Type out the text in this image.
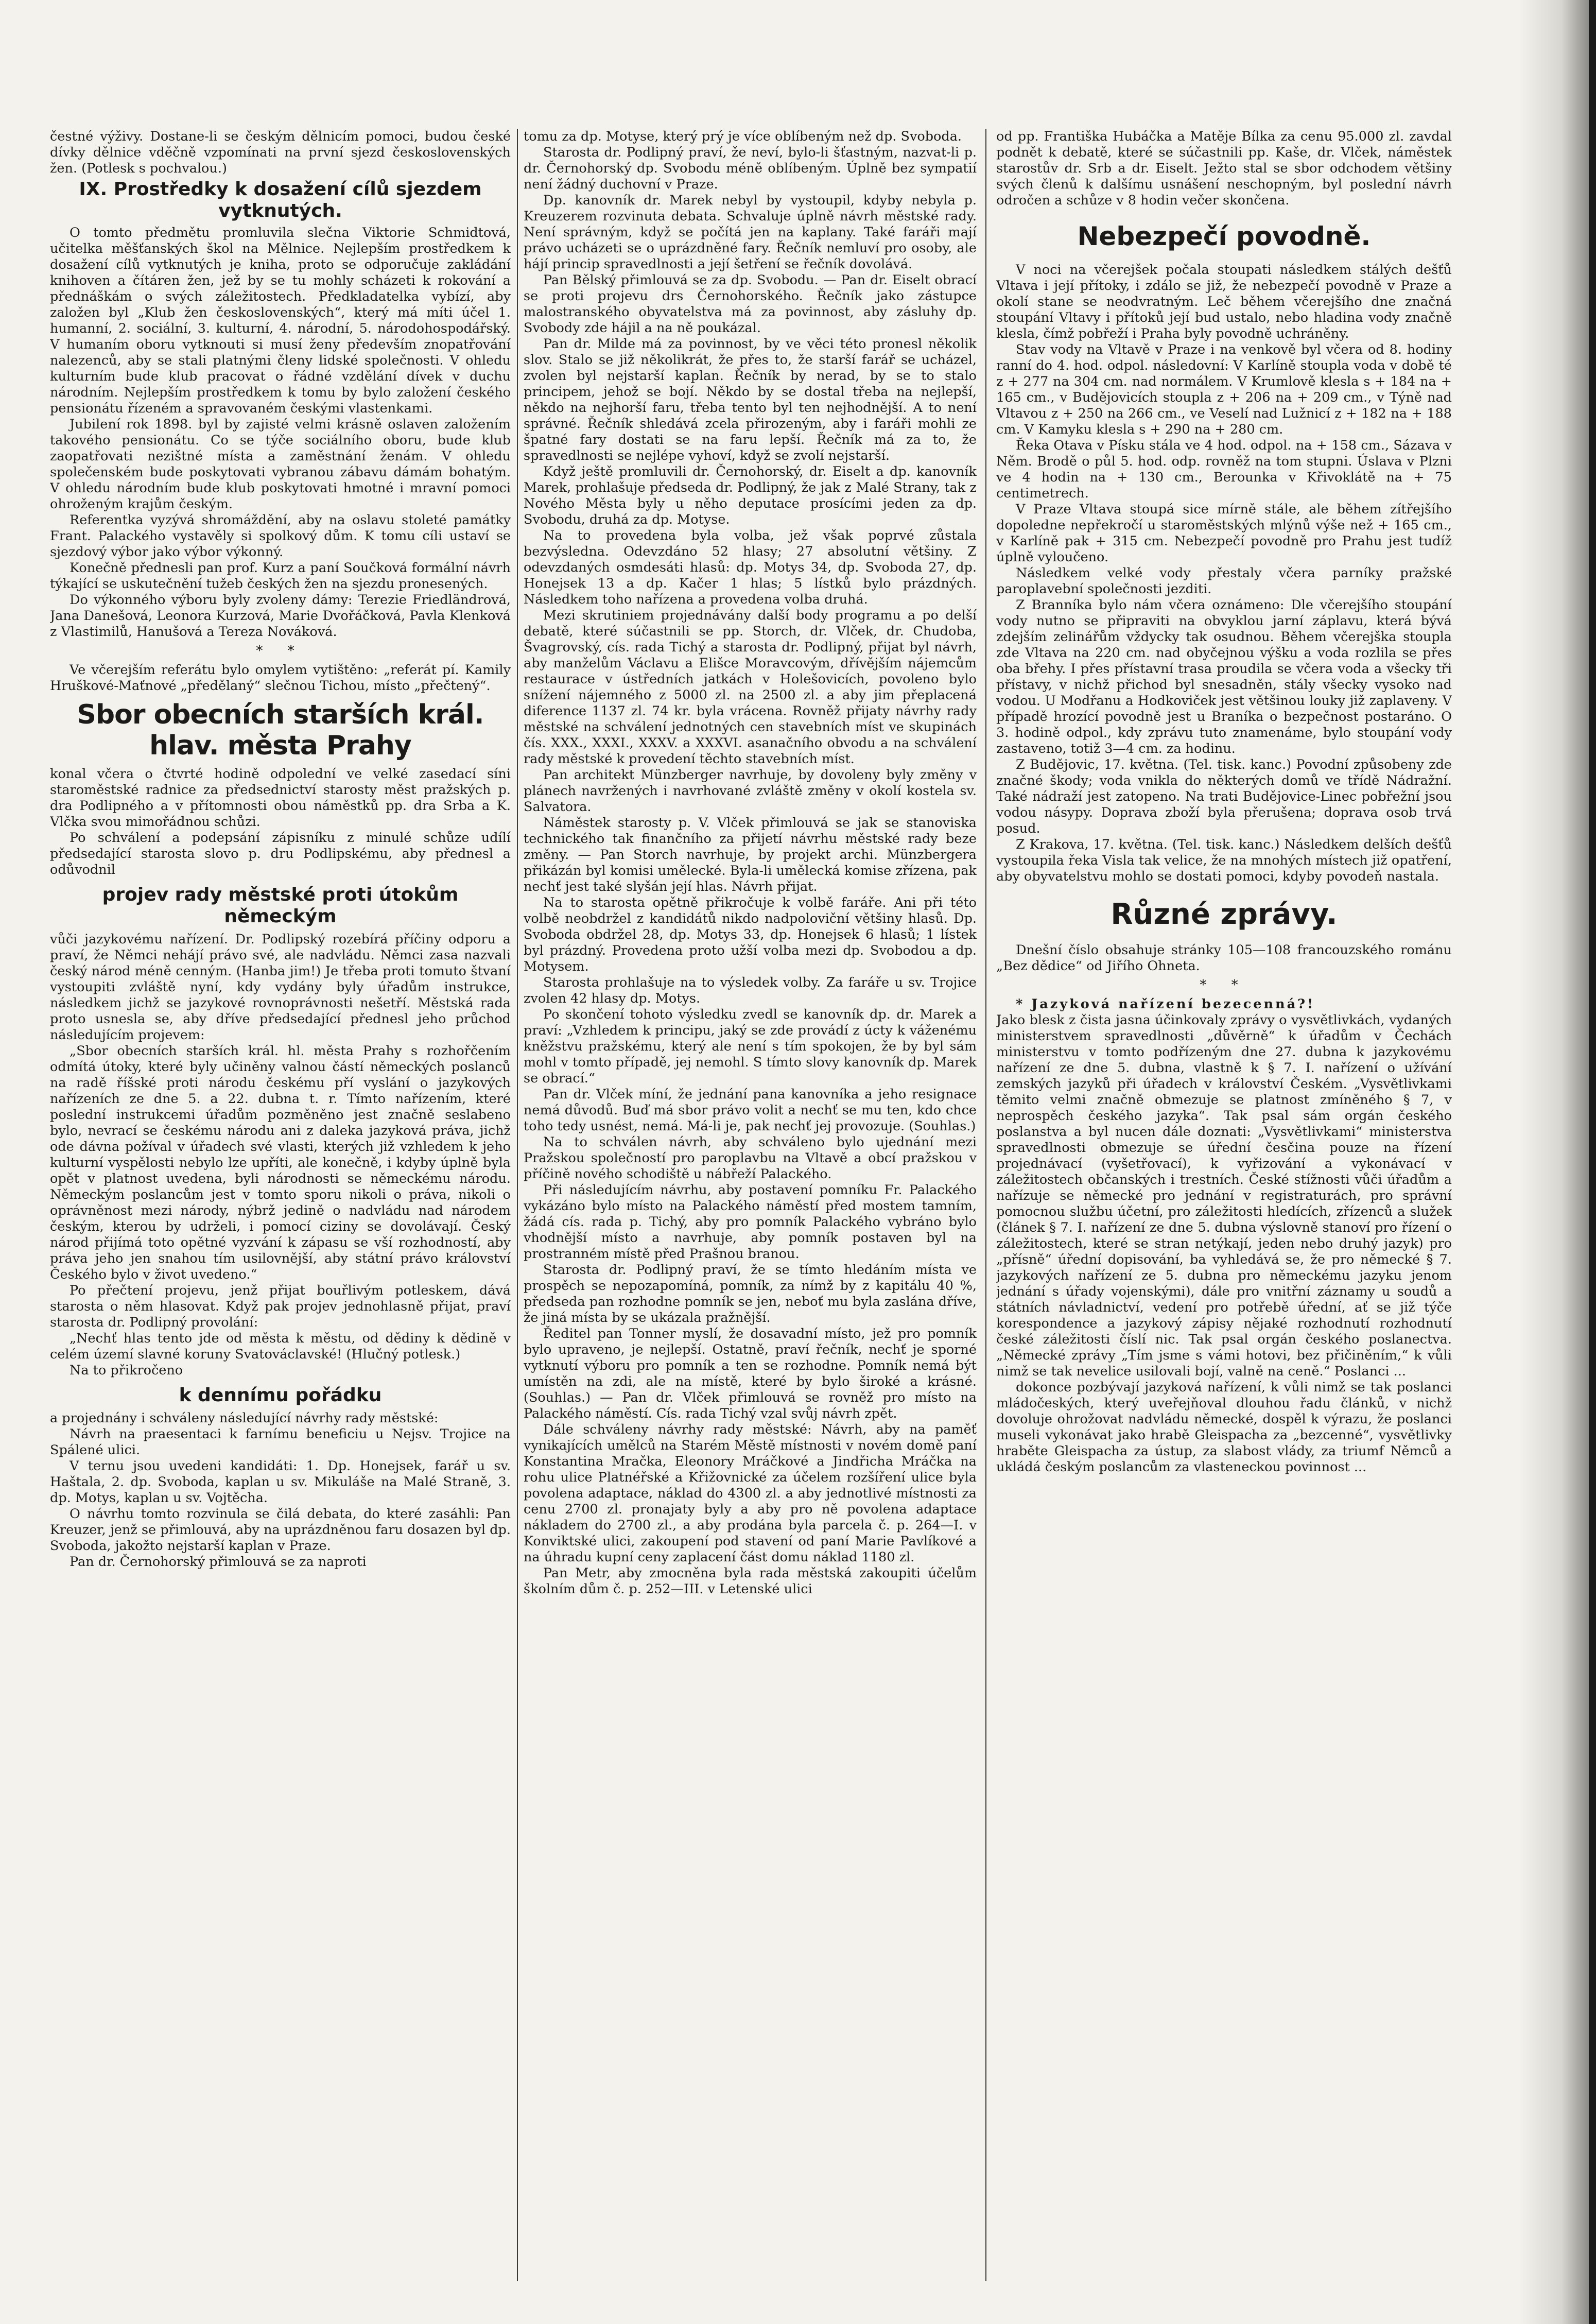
čestné výživy. Dostane-li se českým dělnicím pomoci, budou české dívky dělnice vděčně vzpomínati na první sjezd československých žen. (Potlesk s pochvalou.)

IX. Prostředky k dosažení cílů sjezdem vytknutých.

O tomto předmětu promluvila slečna Viktorie Schmidtová, učitelka měšťanských škol na Mělnice. Nejlepším prostředkem k dosažení cílů vytknutých je kniha, proto se odporučuje zakládání knihoven a čítáren žen, jež by se tu mohly scházeti k rokování a přednáškám o svých záležitostech. Předkladatelka vybízí, aby založen byl „Klub žen československých“, který má míti účel 1. humanní, 2. sociální, 3. kulturní, 4. národní, 5. národohospodářský. V humaním oboru vytknouti si musí ženy především znopatřování nalezenců, aby se stali platnými členy lidské společnosti. V ohledu kulturním bude klub pracovat o řádné vzdělání dívek v duchu národním. Nejlepším prostředkem k tomu by bylo založení českého pensionátu řízeném a spravovaném českými vlastenkami.

Jubilení rok 1898. byl by zajisté velmi krásně oslaven založením takového pensionátu. Co se týče sociálního oboru, bude klub zaopatřovati nezištné místa a zaměstnání ženám. V ohledu společenském bude poskytovati vybranou zábavu dámám bohatým. V ohledu národním bude klub poskytovati hmotné i mravní pomoci ohroženým krajům českým.

Referentka vyzývá shromáždění, aby na oslavu stoleté památky Frant. Palackého vystavěly si spolkový dům. K tomu cíli ustaví se sjezdový výbor jako výbor výkonný.

Konečně přednesli pan prof. Kurz a paní Součková formální návrh týkající se uskutečnění tužeb českých žen na sjezdu pronesených.

Do výkonného výboru byly zvoleny dámy: Terezie Friedländrová, Jana Danešová, Leonora Kurzová, Marie Dvořáčková, Pavla Klenková z Vlastimilů, Hanušová a Tereza Nováková.

* *

Ve včerejším referátu bylo omylem vytištěno: „referát pí. Kamily Hruškové-Maťnové „předělaný“ slečnou Tichou, místo „přečtený“.

Sbor obecních starších král. hlav. města Prahy

konal včera o čtvrté hodině odpolední ve velké zasedací síni staroměstské radnice za předsednictví starosty měst pražských p. dra Podlipného a v přítomnosti obou náměstků pp. dra Srba a K. Vlčka svou mimořádnou schůzi.

Po schválení a podepsání zápisníku z minulé schůze udílí předsedající starosta slovo p. dru Podlipskému, aby přednesl a odůvodnil

projev rady městské proti útokům německým

vůči jazykovému nařízení. Dr. Podlipský rozebírá příčiny odporu a praví, že Němci nehájí právo své, ale nadvládu. Němci zasa nazvali český národ méně cenným. (Hanba jim!) Je třeba proti tomuto štvaní vystoupiti zvláště nyní, kdy vydány byly úřadům instrukce, následkem jichž se jazykové rovnoprávnosti nešetří. Městská rada proto usnesla se, aby dříve předsedající přednesl jeho průchod následujícím projevem:

„Sbor obecních starších král. hl. města Prahy s rozhořčením odmítá útoky, které byly učiněny valnou částí německých poslanců na radě říšské proti národu českému pří vyslání o jazykových nařízeních ze dne 5. a 22. dubna t. r. Tímto nařízením, které poslední instrukcemi úřadům pozměněno jest značně seslabeno bylo, nevrací se českému národu ani z daleka jazyková práva, jichž ode dávna požíval v úřadech své vlasti, kterých již vzhledem k jeho kulturní vyspělosti nebylo lze upříti, ale konečně, i kdyby úplně byla opět v platnost uvedena, byli národnosti se německému národu. Německým poslancům jest v tomto sporu nikoli o práva, nikoli o oprávněnost mezi národy, nýbrž jedině o nadvládu nad národem českým, kterou by udrželi, i pomocí ciziny se dovolávají. Český národ přijímá toto opětné vyzvání k zápasu se vší rozhodností, aby práva jeho jen snahou tím usilovnější, aby státní právo království Českého bylo v život uvedeno.“

Po přečtení projevu, jenž přijat bouřlivým potleskem, dává starosta o něm hlasovat. Když pak projev jednohlasně přijat, praví starosta dr. Podlipný provolání:

„Nechť hlas tento jde od města k městu, od dědiny k dědině v celém území slavné koruny Svatováclavské! (Hlučný potlesk.)

Na to přikročeno

k dennímu pořádku

a projednány i schváleny následující návrhy rady městské:

Návrh na praesentaci k farnímu beneficiu u Nejsv. Trojice na Spálené ulici.

V ternu jsou uvedeni kandidáti: 1. Dp. Honejsek, farář u sv. Haštala, 2. dp. Svoboda, kaplan u sv. Mikuláše na Malé Straně, 3. dp. Motys, kaplan u sv. Vojtěcha.

O návrhu tomto rozvinula se čilá debata, do které zasáhli: Pan Kreuzer, jenž se přimlouvá, aby na uprázdněnou faru dosazen byl dp. Svoboda, jakožto nejstarší kaplan v Praze.

Pan dr. Černohorský přimlouvá se za naproti

tomu za dp. Motyse, který prý je více oblíbeným než dp. Svoboda.

Starosta dr. Podlipný praví, že neví, bylo-li šťastným, nazvat-li p. dr. Černohorský dp. Svobodu méně oblíbeným. Úplně bez sympatií není žádný duchovní v Praze.

Dp. kanovník dr. Marek nebyl by vystoupil, kdyby nebyla p. Kreuzerem rozvinuta debata. Schvaluje úplně návrh městské rady. Není správným, když se počítá jen na kaplany. Také faráři mají právo ucházeti se o uprázdněné fary. Řečník nemluví pro osoby, ale hájí princip spravedlnosti a její šetření se řečník dovolává.

Pan Bělský přimlouvá se za dp. Svobodu. — Pan dr. Eiselt obrací se proti projevu drs Černohorského. Řečník jako zástupce malostranského obyvatelstva má za povinnost, aby zásluhy dp. Svobody zde hájil a na ně poukázal.

Pan dr. Milde má za povinnost, by ve věci této pronesl několik slov. Stalo se již několikrát, že přes to, že starší farář se ucházel, zvolen byl nejstarší kaplan. Řečník by nerad, by se to stalo principem, jehož se bojí. Někdo by se dostal třeba na nejlepší, někdo na nejhorší faru, třeba tento byl ten nejhodnější. A to není správné. Řečník shledává zcela přirozeným, aby i faráři mohli ze špatné fary dostati se na faru lepší. Řečník má za to, že spravedlnosti se nejlépe vyhoví, když se zvolí nejstarší.

Když ještě promluvili dr. Černohorský, dr. Eiselt a dp. kanovník Marek, prohlašuje předseda dr. Podlipný, že jak z Malé Strany, tak z Nového Města byly u něho deputace prosícími jeden za dp. Svobodu, druhá za dp. Motyse.

Na to provedena byla volba, jež však poprvé zůstala bezvýsledna. Odevzdáno 52 hlasy; 27 absolutní většiny. Z odevzdaných osmdesáti hlasů: dp. Motys 34, dp. Svoboda 27, dp. Honejsek 13 a dp. Kačer 1 hlas; 5 lístků bylo prázdných. Následkem toho nařízena a provedena volba druhá.

Mezi skrutiniem projednávány další body programu a po delší debatě, které súčastnili se pp. Storch, dr. Vlček, dr. Chudoba, Švagrovský, cís. rada Tichý a starosta dr. Podlipný, přijat byl návrh, aby manželům Václavu a Elišce Moravcovým, dřívějším nájemcům restaurace v ústředních jatkách v Holešovicích, povoleno bylo snížení nájemného z 5000 zl. na 2500 zl. a aby jim přeplacená diference 1137 zl. 74 kr. byla vrácena. Rovněž přijaty návrhy rady městské na schválení jednotných cen stavebních míst ve skupinách čís. XXX., XXXI., XXXV. a XXXVI. asanačního obvodu a na schválení rady městské k provedení těchto stavebních míst.

Pan architekt Münzberger navrhuje, by dovoleny byly změny v plánech navržených i navrhované zvláště změny v okolí kostela sv. Salvatora.

Náměstek starosty p. V. Vlček přimlouvá se jak se stanoviska technického tak finančního za přijetí návrhu městské rady beze změny. — Pan Storch navrhuje, by projekt archi. Münzbergera přikázán byl komisi umělecké. Byla-li umělecká komise zřízena, pak nechť jest také slyšán její hlas. Návrh přijat.

Na to starosta opětně přikročuje k volbě faráře. Ani při této volbě neobdržel z kandidátů nikdo nadpoloviční většiny hlasů. Dp. Svoboda obdržel 28, dp. Motys 33, dp. Honejsek 6 hlasů; 1 lístek byl prázdný. Provedena proto užší volba mezi dp. Svobodou a dp. Motysem.

Starosta prohlašuje na to výsledek volby. Za faráře u sv. Trojice zvolen 42 hlasy dp. Motys.

Po skončení tohoto výsledku zvedl se kanovník dp. dr. Marek a praví: „Vzhledem k principu, jaký se zde provádí z úcty k váženému kněžstvu pražskému, který ale není s tím spokojen, že by byl sám mohl v tomto případě, jej nemohl. S tímto slovy kanovník dp. Marek se obrací.“

Pan dr. Vlček míní, že jednání pana kanovníka a jeho resignace nemá důvodů. Buď má sbor právo volit a nechť se mu ten, kdo chce toho tedy usnést, nemá. Má-li je, pak nechť jej provozuje. (Souhlas.)

Na to schválen návrh, aby schváleno bylo ujednání mezi Pražskou společností pro paroplavbu na Vltavě a obcí pražskou v příčině nového schodiště u nábřeží Palackého.

Při následujícím návrhu, aby postavení pomníku Fr. Palackého vykázáno bylo místo na Palackého náměstí před mostem tamním, žádá cís. rada p. Tichý, aby pro pomník Palackého vybráno bylo vhodnější místo a navrhuje, aby pomník postaven byl na prostranném místě před Prašnou branou.

Starosta dr. Podlipný praví, že se tímto hledáním místa ve prospěch se nepozapomíná, pomník, za nímž by z kapitálu 40 %, předseda pan rozhodne pomník se jen, neboť mu byla zaslána dříve, že jiná místa by se ukázala pražnější.

Ředitel pan Tonner myslí, že dosavadní místo, jež pro pomník bylo upraveno, je nejlepší. Ostatně, praví řečník, nechť je sporné vytknutí výboru pro pomník a ten se rozhodne. Pomník nemá být umístěn na zdi, ale na místě, které by bylo široké a krásné. (Souhlas.) — Pan dr. Vlček přimlouvá se rovněž pro místo na Palackého náměstí. Cís. rada Tichý vzal svůj návrh zpět.

Dále schváleny návrhy rady městské: Návrh, aby na paměť vynikajících umělců na Starém Městě místnosti v novém domě paní Konstantina Mračka, Eleonory Mráčkové a Jindřicha Mráčka na rohu ulice Platnéřské a Křižovnické za účelem rozšíření ulice byla povolena adaptace, náklad do 4300 zl. a aby jednotlivé místnosti za cenu 2700 zl. pronajaty byly a aby pro ně povolena adaptace nákladem do 2700 zl., a aby prodána byla parcela č. p. 264—I. v Konviktské ulici, zakoupení pod stavení od paní Marie Pavlíkové a na úhradu kupní ceny zaplacení část domu náklad 1180 zl.

Pan Metr, aby zmocněna byla rada městská zakoupiti účelům školním dům č. p. 252—III. v Letenské ulici

od pp. Františka Hubáčka a Matěje Bílka za cenu 95.000 zl. zavdal podnět k debatě, které se súčastnili pp. Kaše, dr. Vlček, náměstek starostův dr. Srb a dr. Eiselt. Ježto stal se sbor odchodem většiny svých členů k dalšímu usnášení neschopným, byl poslední návrh odročen a schůze v 8 hodin večer skončena.

Nebezpečí povodně.

V noci na včerejšek počala stoupati následkem stálých dešťů Vltava i její přítoky, i zdálo se již, že nebezpečí povodně v Praze a okolí stane se neodvratným. Leč během včerejšího dne značná stoupání Vltavy i přítoků její bud ustalo, nebo hladina vody značně klesla, čímž pobřeží i Praha byly povodně uchráněny.

Stav vody na Vltavě v Praze i na venkově byl včera od 8. hodiny ranní do 4. hod. odpol. následovní: V Karlíně stoupla voda v době té z + 277 na 304 cm. nad normálem. V Krumlově klesla s + 184 na + 165 cm., v Budějovicích stoupla z + 206 na + 209 cm., v Týně nad Vltavou z + 250 na 266 cm., ve Veselí nad Lužnicí z + 182 na + 188 cm. V Kamyku klesla s + 290 na + 280 cm.

Řeka Otava v Písku stála ve 4 hod. odpol. na + 158 cm., Sázava v Něm. Brodě o půl 5. hod. odp. rovněž na tom stupni. Úslava v Plzni ve 4 hodin na + 130 cm., Berounka v Křivoklátě na + 75 centimetrech.

V Praze Vltava stoupá sice mírně stále, ale během zítřejšího dopoledne nepřekročí u staroměstských mlýnů výše než + 165 cm., v Karlíně pak + 315 cm. Nebezpečí povodně pro Prahu jest tudíž úplně vyloučeno.

Následkem velké vody přestaly včera parníky pražské paroplavební společnosti jezditi.

Z Branníka bylo nám včera oznámeno: Dle včerejšího stoupání vody nutno se připraviti na obvyklou jarní záplavu, která bývá zdejším zelinářům vždycky tak osudnou. Během včerejška stoupla zde Vltava na 220 cm. nad obyčejnou výšku a voda rozlila se přes oba břehy. I přes přístavní trasa proudila se včera voda a všecky tři přístavy, v nichž přichod byl snesadněn, stály všecky vysoko nad vodou. U Modřanu a Hodkoviček jest většinou louky již zaplaveny. V případě hrozící povodně jest u Braníka o bezpečnost postaráno. O 3. hodině odpol., kdy zprávu tuto znamenáme, bylo stoupání vody zastaveno, totiž 3—4 cm. za hodinu.

Z Budějovic, 17. května. (Tel. tisk. kanc.) Povodní způsobeny zde značné škody; voda vnikla do některých domů ve třídě Nádražní. Také nádraží jest zatopeno. Na trati Budějovice-Linec pobřežní jsou vodou násypy. Doprava zboží byla přerušena; doprava osob trvá posud.

Z Krakova, 17. května. (Tel. tisk. kanc.) Následkem delších dešťů vystoupila řeka Visla tak velice, že na mnohých místech již opatření, aby obyvatelstvu mohlo se dostati pomoci, kdyby povodeň nastala.

Různé zprávy.

Dnešní číslo obsahuje stránky 105—108 francouzského románu „Bez dědice“ od Jiřího Ohneta.

* *

* Jazyková nařízení bezecenná?!

Jako blesk z čista jasna účinkovaly zprávy o vysvětlivkách, vydaných ministerstvem spravedlnosti „důvěrně“ k úřadům v Čechách ministerstvu v tomto podřízeným dne 27. dubna k jazykovému nařízení ze dne 5. dubna, vlastně k § 7. I. nařízení o užívání zemských jazyků při úřadech v království Českém. „Vysvětlivkami těmito velmi značně obmezuje se platnost zmíněného § 7, v neprospěch českého jazyka“. Tak psal sám orgán českého poslanstva a byl nucen dále doznati: „Vysvětlivkami“ ministerstva spravedlnosti obmezuje se úřední česčina pouze na řízení projednávací (vyšetřovací), k vyřizování a vykonávací v záležitostech občanských i trestních. České stížnosti vůči úřadům a nařízuje se německé pro jednání v registraturách, pro správní pomocnou službu účetní, pro záležitosti hledících, zřízenců a služek (článek § 7. I. nařízení ze dne 5. dubna výslovně stanoví pro řízení o záležitostech, které se stran netýkají, jeden nebo druhý jazyk) pro „přísně“ úřední dopisování, ba vyhledává se, že pro německé § 7. jazykových nařízení ze 5. dubna pro německému jazyku jenom jednání s úřady vojenskými), dále pro vnitřní záznamy u soudů a státních návladnictví, vedení pro potřebě úřední, ať se již týče korespondence a jazykový zápisy nějaké rozhodnutí rozhodnutí české záležitosti číslí nic. Tak psal orgán českého poslanectva. „Německé zprávy „Tím jsme s vámi hotovi, bez přičiněním,“ k vůli nimž se tak nevelice usilovali bojí, valně na ceně.“ Poslanci ...

dokonce pozbývají jazyková nařízení, k vůli nimž se tak poslanci mládočeských, který uveřejňoval dlouhou řadu článků, v nichž dovoluje ohrožovat nadvládu německé, dospěl k výrazu, že poslanci museli vykonávat jako hrabě Gleispacha za „bezcenné“, vysvětlivky hraběte Gleispacha za ústup, za slabost vlády, za triumf Němců a ukládá českým poslancům za vlasteneckou povinnost ...
